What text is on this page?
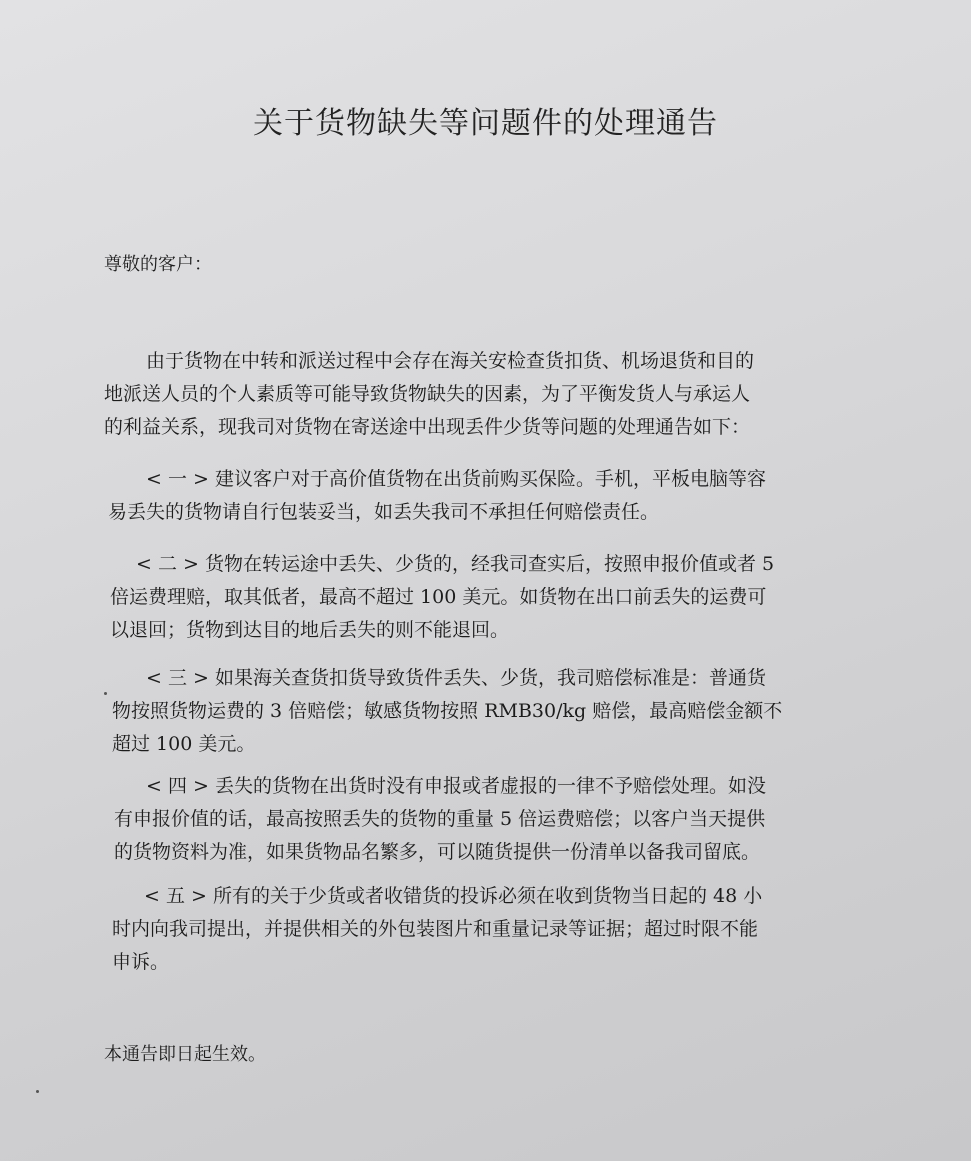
关于货物缺失等问题件的处理通告
尊敬的客户：
由于货物在中转和派送过程中会存在海关安检查货扣货、机场退货和目的
地派送人员的个人素质等可能导致货物缺失的因素，为了平衡发货人与承运人
的利益关系，现我司对货物在寄送途中出现丢件少货等问题的处理通告如下：
< 一 > 建议客户对于高价值货物在出货前购买保险。手机，平板电脑等容
易丢失的货物请自行包装妥当，如丢失我司不承担任何赔偿责任。
< 二 > 货物在转运途中丢失、少货的，经我司查实后，按照申报价值或者 5
倍运费理赔，取其低者，最高不超过 100 美元。如货物在出口前丢失的运费可
以退回；货物到达目的地后丢失的则不能退回。
< 三 > 如果海关查货扣货导致货件丢失、少货，我司赔偿标准是：普通货
物按照货物运费的 3 倍赔偿；敏感货物按照 RMB30/kg 赔偿，最高赔偿金额不
超过 100 美元。
< 四 > 丢失的货物在出货时没有申报或者虚报的一律不予赔偿处理。如没
有申报价值的话，最高按照丢失的货物的重量 5 倍运费赔偿；以客户当天提供
的货物资料为准，如果货物品名繁多，可以随货提供一份清单以备我司留底。
< 五 > 所有的关于少货或者收错货的投诉必须在收到货物当日起的 48 小
时内向我司提出，并提供相关的外包装图片和重量记录等证据；超过时限不能
申诉。
本通告即日起生效。
